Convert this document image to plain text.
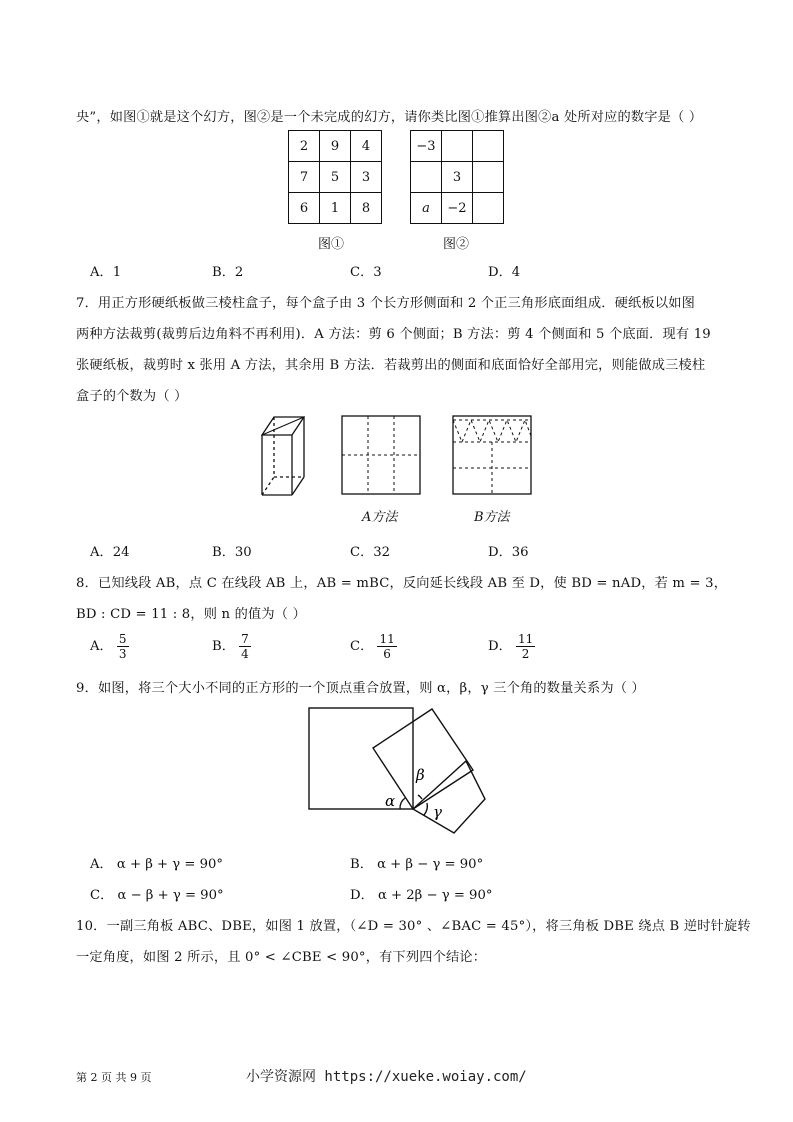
央”，如图①就是这个幻方，图②是一个未完成的幻方，请你类比图①推算出图②a 处所对应的数字是（ ）
2	9	4
7	5	3
6	1	8
−3		
	3	
a	−2	
图①	图②
A．1	B．2	C．3	D．4
7．用正方形硬纸板做三棱柱盒子，每个盒子由 3 个长方形侧面和 2 个正三角形底面组成．硬纸板以如图
两种方法裁剪(裁剪后边角料不再利用)．A 方法：剪 6 个侧面；B 方法：剪 4 个侧面和 5 个底面．现有 19
张硬纸板，裁剪时 x 张用 A 方法，其余用 B 方法．若裁剪出的侧面和底面恰好全部用完，则能做成三棱柱
盒子的个数为（ ）
A方法	B方法
A．24	B．30	C．32	D．36
8．已知线段 AB，点 C 在线段 AB 上，AB = mBC，反向延长线段 AB 至 D，使 BD = nAD，若 m = 3，
BD : CD = 11 : 8，则 n 的值为（ ）
A． $\frac{5}{3}$	B． $\frac{7}{4}$	C． $\frac{11}{6}$	D． $\frac{11}{2}$
9．如图，将三个大小不同的正方形的一个顶点重合放置，则 α，β，γ 三个角的数量关系为（ ）
α
β
γ
A． α + β + γ = 90°	B． α + β − γ = 90°
C． α − β + γ = 90°	D． α + 2β − γ = 90°
10．一副三角板 ABC、DBE，如图 1 放置，（∠D = 30° 、∠BAC = 45°），将三角板 DBE 绕点 B 逆时针旋转
一定角度，如图 2 所示，且 0° < ∠CBE < 90°，有下列四个结论：
第 2 页 共 9 页	小学资源网 https://xueke.woiay.com/
